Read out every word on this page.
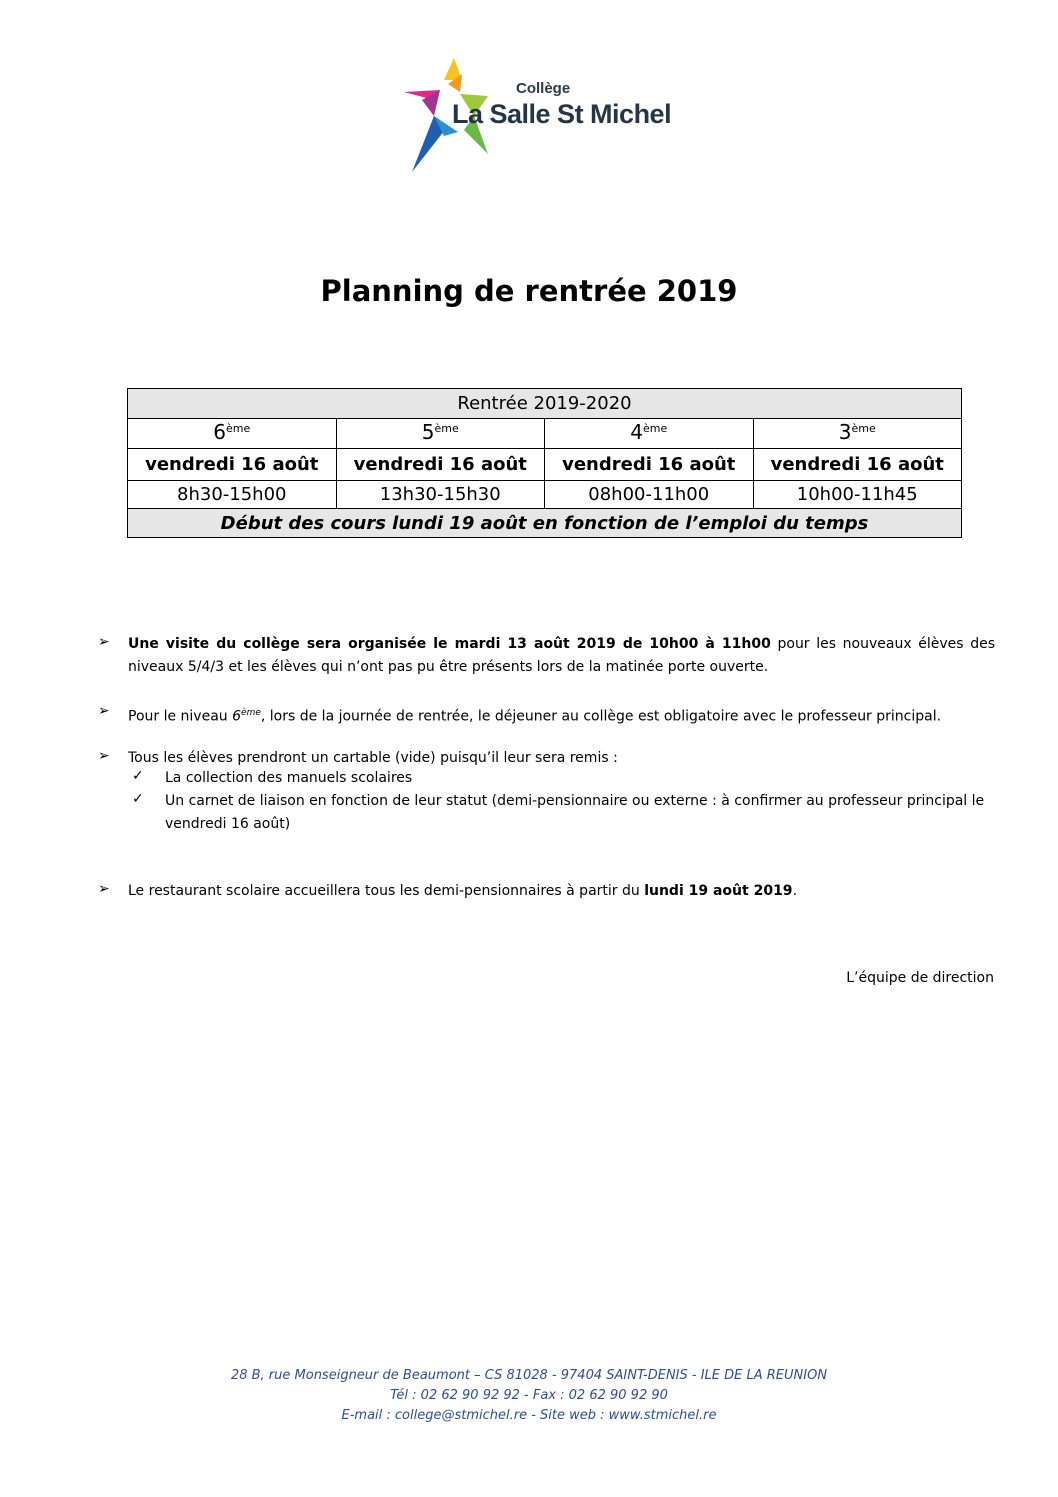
Collège
La Salle St Michel
Planning de rentrée 2019
Rentrée 2019-2020			
6ème	5ème	4ème	3ème
vendredi 16 août	vendredi 16 août	vendredi 16 août	vendredi 16 août
8h30-15h00	13h30-15h30	08h00-11h00	10h00-11h45
Début des cours lundi 19 août en fonction de l’emploi du temps			
➢ Une visite du collège sera organisée le mardi 13 août 2019 de 10h00 à 11h00 pour les nouveaux élèves des niveaux 5/4/3 et les élèves qui n’ont pas pu être présents lors de la matinée porte ouverte.
➢ Pour le niveau 6ème, lors de la journée de rentrée, le déjeuner au collège est obligatoire avec le professeur principal.
➢ Tous les élèves prendront un cartable (vide) puisqu’il leur sera remis :
✓ La collection des manuels scolaires
✓ Un carnet de liaison en fonction de leur statut (demi-pensionnaire ou externe : à confirmer au professeur principal le vendredi 16 août)
➢ Le restaurant scolaire accueillera tous les demi-pensionnaires à partir du lundi 19 août 2019.
L’équipe de direction
28 B, rue Monseigneur de Beaumont – CS 81028 - 97404 SAINT-DENIS - ILE DE LA REUNION
Tél : 02 62 90 92 92 - Fax : 02 62 90 92 90
E-mail : college@stmichel.re - Site web : www.stmichel.re
